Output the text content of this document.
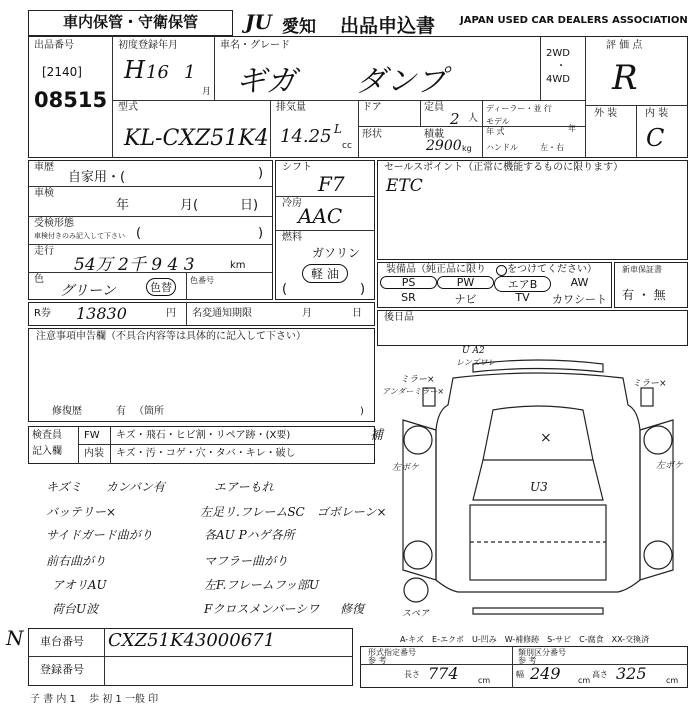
車内保管・守衛保管	JU 愛知 出品申込書 JAPAN USED CAR DEALERS ASSOCIATION
出品番号
[2140]
08515
初度登録年月
H 16 1
月
車名・グレード
ギガ　　ダンプ
2WD
・
4WD
評 価 点
R
外 装	内 装
C
型式
KL-CXZ51K4
排気量
14.25 L
cc
ドア	定員
2 人
ディーラー・並 行
形状	積載
2900 kg
モデル
年 式	年
ハンドル	左・右
車歴
自家用・(	)
車検
年	月(	日)
受検形態
車検付きのみ記入して下さい (	)
走行
54万 2千 9 4 3	km
色
グリーン	色替
色番号
シフト
F7
冷房
AAC
燃料
ガソリン
軽 油
(	)
セールスポイント（正常に機能するものに限ります）
ETC
装備品（純正品に限り をつけてください）
PS	PW	エアB	AW
SR	ナビ	TV	カワシート
新車保証書
有 ・ 無
後日品
R券 13830	円 名変通知期限	月	日
注意事項申告欄（不具合内容等は具体的に記入して下さい）
修復歴	有 （箇所	)
検査員
記入欄
FW キズ・飛石・ヒビ割・リペア跡・(X要)	補
内装 キズ・汚・コゲ・穴・タバ・キレ・破し
キズミ　　カンバン有	エアーもれ
バッテリー×	左足リ.フレームSC　ゴボレーン×
サイドガード曲がり	各AU Pハゲ各所
前右曲がり	マフラー曲がり
アオリAU	左F.フレームフッ部U
荷台U波	Fクロスメンバーシワ 修復
U A2
レンズワレ
ミラー×
アンダーミラー×
ミラー×
×
U3
左ボケ	左ボケ
スペア
A-キズ　E-エクボ　U-凹み　W-補修跡　S-サビ　C-腐食　XX-交換済
N 車台番号 CXZ51K43000671
登録番号
形式指定番号
参 考
類別区分番号
参 考
長さ 774 cm
幅 249 cm
高さ 325 cm
子 書 内 1 　歩 初 1 一般 印
